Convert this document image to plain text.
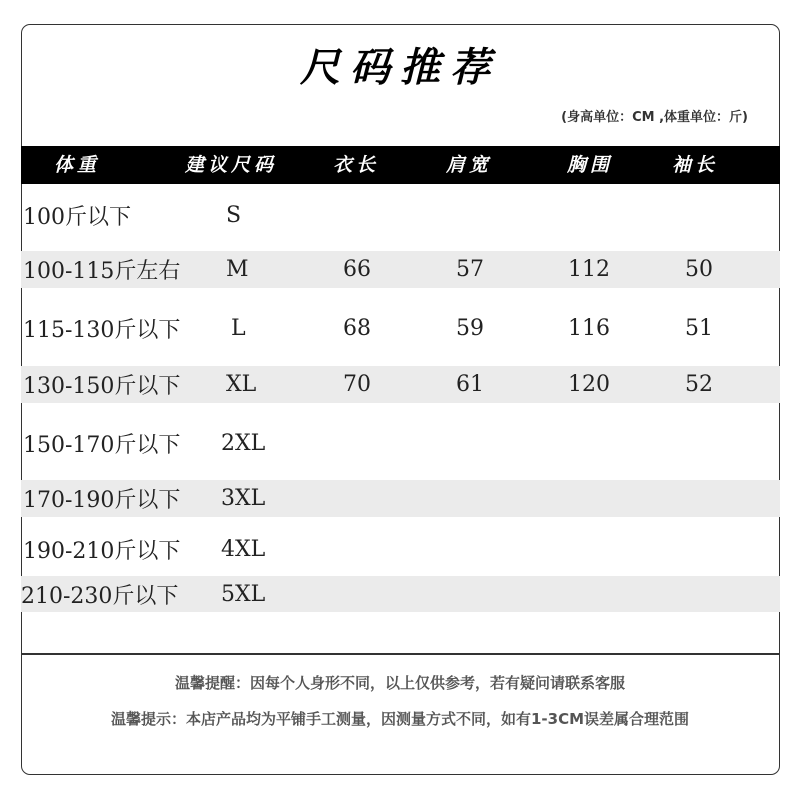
尺码推荐
(身高单位：CM ,体重单位：斤)
体重	建议尺码	衣长	肩宽	胸围	袖长
100斤以下	S
100-115斤左右 M	66	57	112	50
115-130斤以下 L	68	59	116	51
130-150斤以下 XL	70	61	120	52
150-170斤以下 2XL
170-190斤以下 3XL
190-210斤以下 4XL
210-230斤以下 5XL
温馨提醒：因每个人身形不同，以上仅供参考，若有疑问请联系客服
温馨提示：本店产品均为平铺手工测量，因测量方式不同，如有1-3CM误差属合理范围
